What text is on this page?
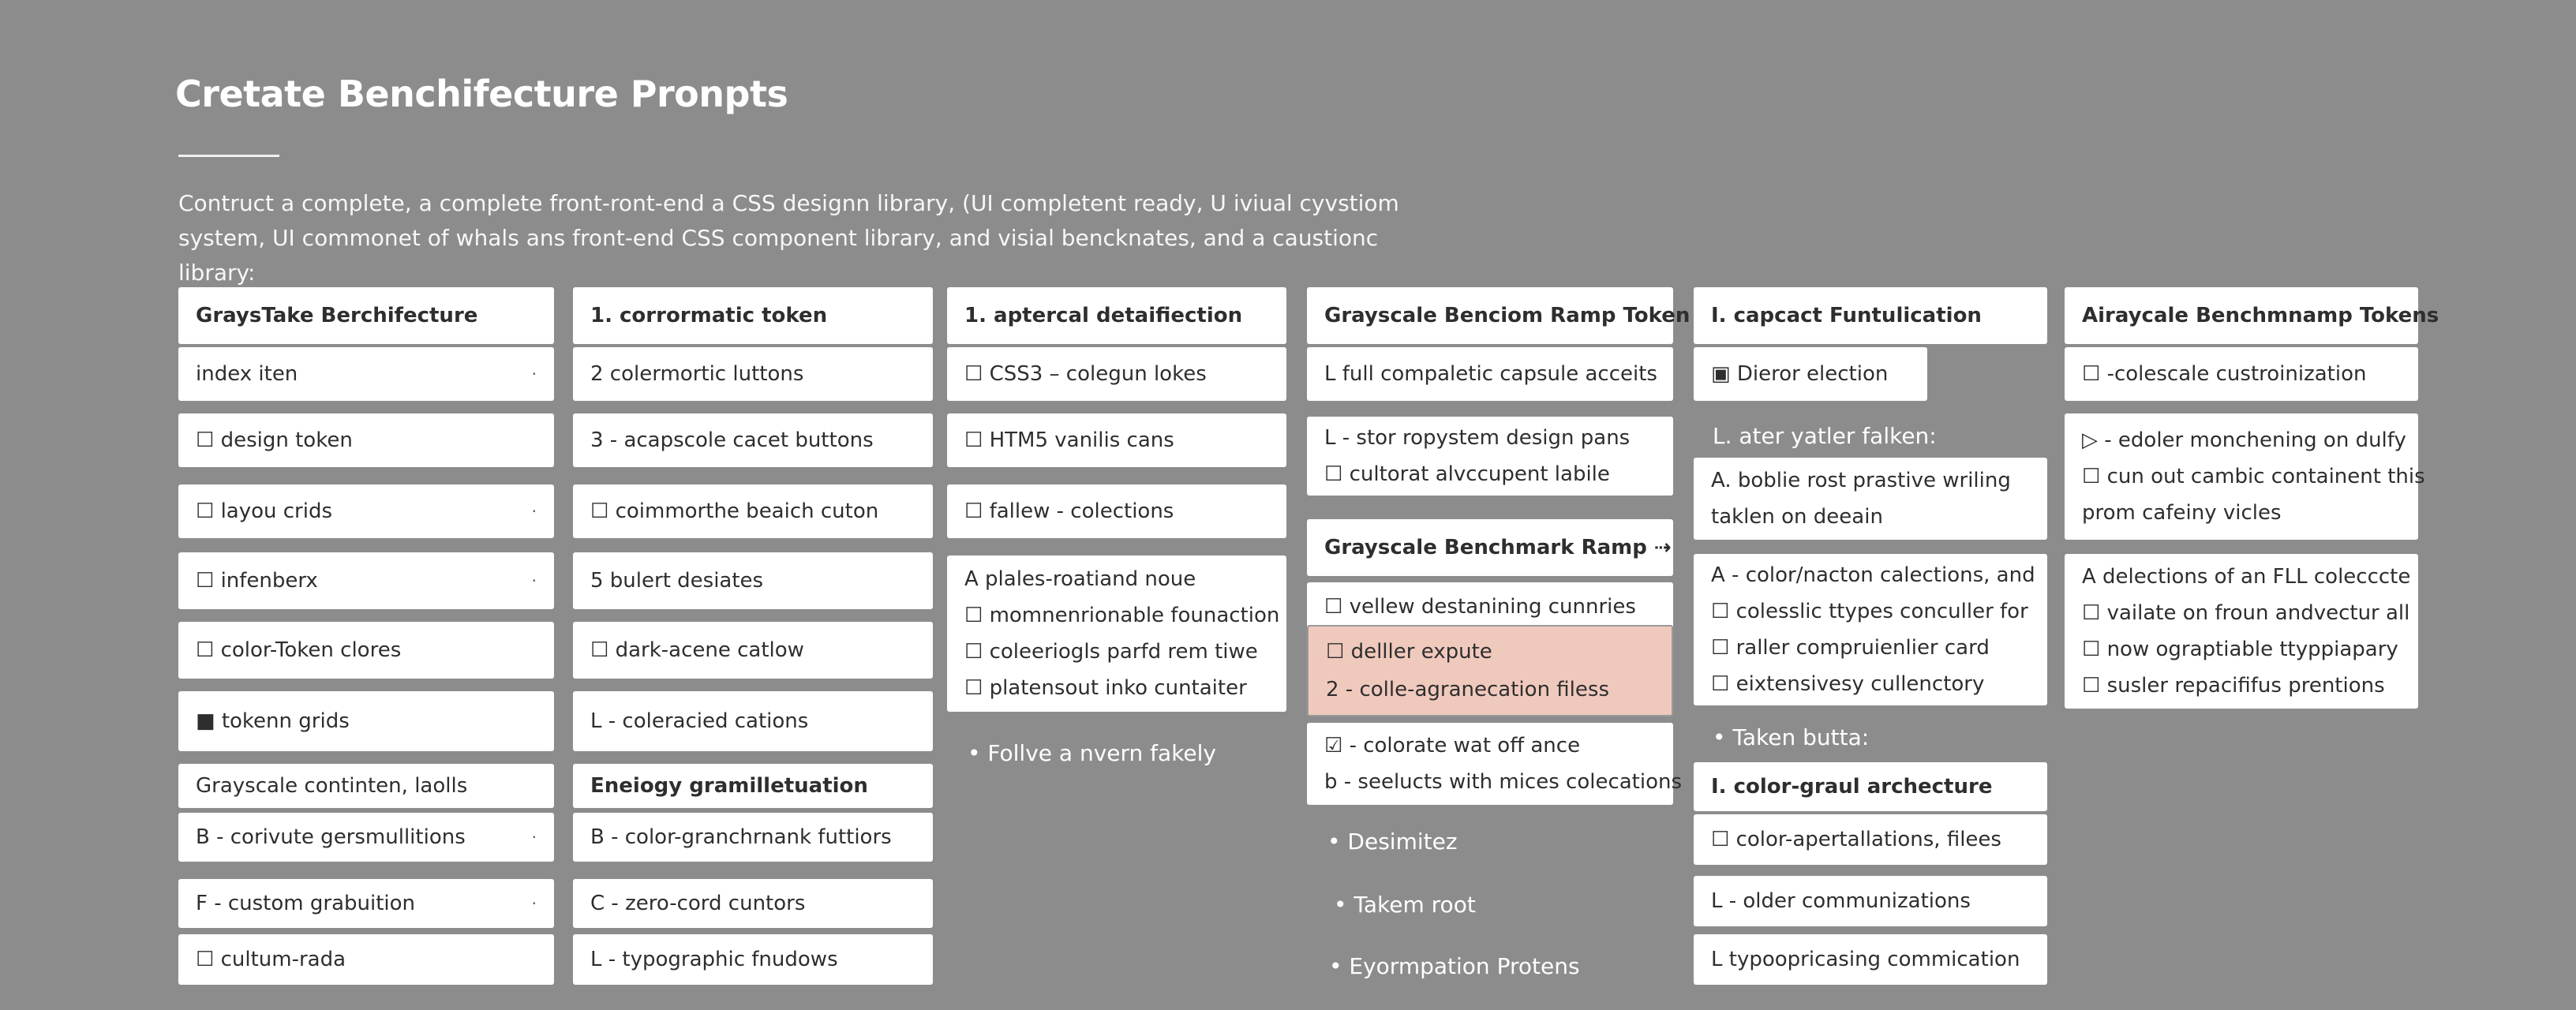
Cretate Benchifecture Pronpts

Contruct a complete, a complete front-ront-end a CSS designn library, (UI completent ready, U iviual cyvstiom system, UI commonet of whals ans front-end CSS component library, and visial bencknates, and a caustionc library:

GraysTake Berchifecture
index iten	·
☐ design token
☐ layou crids	·
☐ infenberx	·
☐ color-Token clores
■ tokenn grids
Grayscale continten, laolls
B - corivute gersmullitions	·
F - custom grabuition	·
☐ cultum-rada
1. corrormatic token
2 colermortic luttons
3 - acapscole cacet buttons
☐ coimmorthe beaich cuton
5 bulert desiates
☐ dark-acene catlow
L - coleracied cations
Eneiogy gramilletuation
B - color-granchrnank futtiors
C - zero-cord cuntors
L - typographic fnudows
1. aptercal detaifiection
☐ CSS3 – colegun lokes
☐ HTM5 vanilis cans
☐ fallew - colections
A plales-roatiand noue
☐ momnenrionable founaction
☐ coleeriogls parfd rem tiwe
☐ platensout inko cuntaiter
• Follve a nvern fakely
Grayscale Benciom Ramp Token
L full compaletic capsule acceits
L - stor ropystem design pans
☐ cultorat alvccupent labile
Grayscale Benchmark Ramp ⇢
☐ vellew destanining cunnries
☐ delller expute
2 - colle-agranecation filess
☑ - colorate wat off ance
b - seelucts with mices colecations
• Desimitez
• Takem root
• Eyormpation Protens
I. capcact Funtulication
▣ Dieror election
A. boblie rost prastive wriling
taklen on deeain
A - color/nacton calections, and
☐ colesslic ttypes conculler for
☐ raller compruienlier card
☐ eixtensivesy cullenctory
I. color-graul archecture
☐ color-apertallations, filees
L - older communizations
L typoopricasing commication
L. ater yatler falken:
• Taken butta:
Airaycale Benchmnamp Tokens
☐ -colescale custroinization
▷ - edoler monchening on dulfy
☐ cun out cambic containent this
prom cafeiny vicles
A delections of an FLL colecccte
☐ vailate on froun andvectur all
☐ now ograptiable ttyppiapary
☐ susler repacififus prentions
